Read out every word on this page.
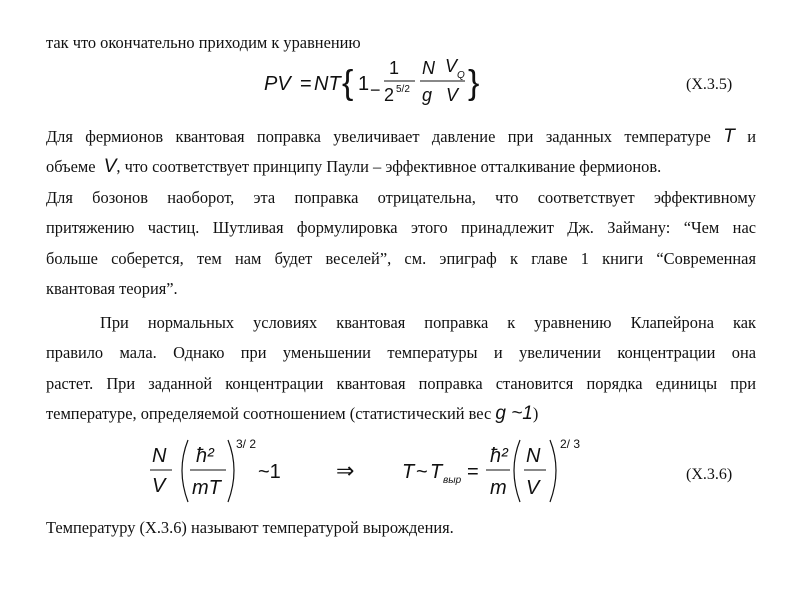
так что окончательно приходим к уравнению
PV = NT { 1 −
1
2 5/2
N
g
V Q
V }	(X.3.5)
Для фермионов квантовая поправка увеличивает давление при заданных температуре T и
объеме V, что соответствует принципу Паули – эффективное отталкивание фермионов.
Для бозонов наоборот, эта поправка отрицательна, что соответствует эффективному
притяжению частиц. Шутливая формулировка этого принадлежит Дж. Займану: “Чем нас
больше соберется, тем нам будет веселей”, см. эпиграф к главе 1 книги “Современная
квантовая теория”.
При нормальных условиях квантовая поправка к уравнению Клапейрона как
правило мала. Однако при уменьшении температуры и увеличении концентрации она
растет. При заданной концентрации квантовая поправка становится порядка единицы при
температуре, определяемой соотношением (статистический вес g ~1)
N
V
ħ²
mT
3/ 2
~1	⇒ T ~ T выр =
ħ²
m
N
V
2/ 3
(X.3.6)
Температуру (X.3.6) называют температурой вырождения.
